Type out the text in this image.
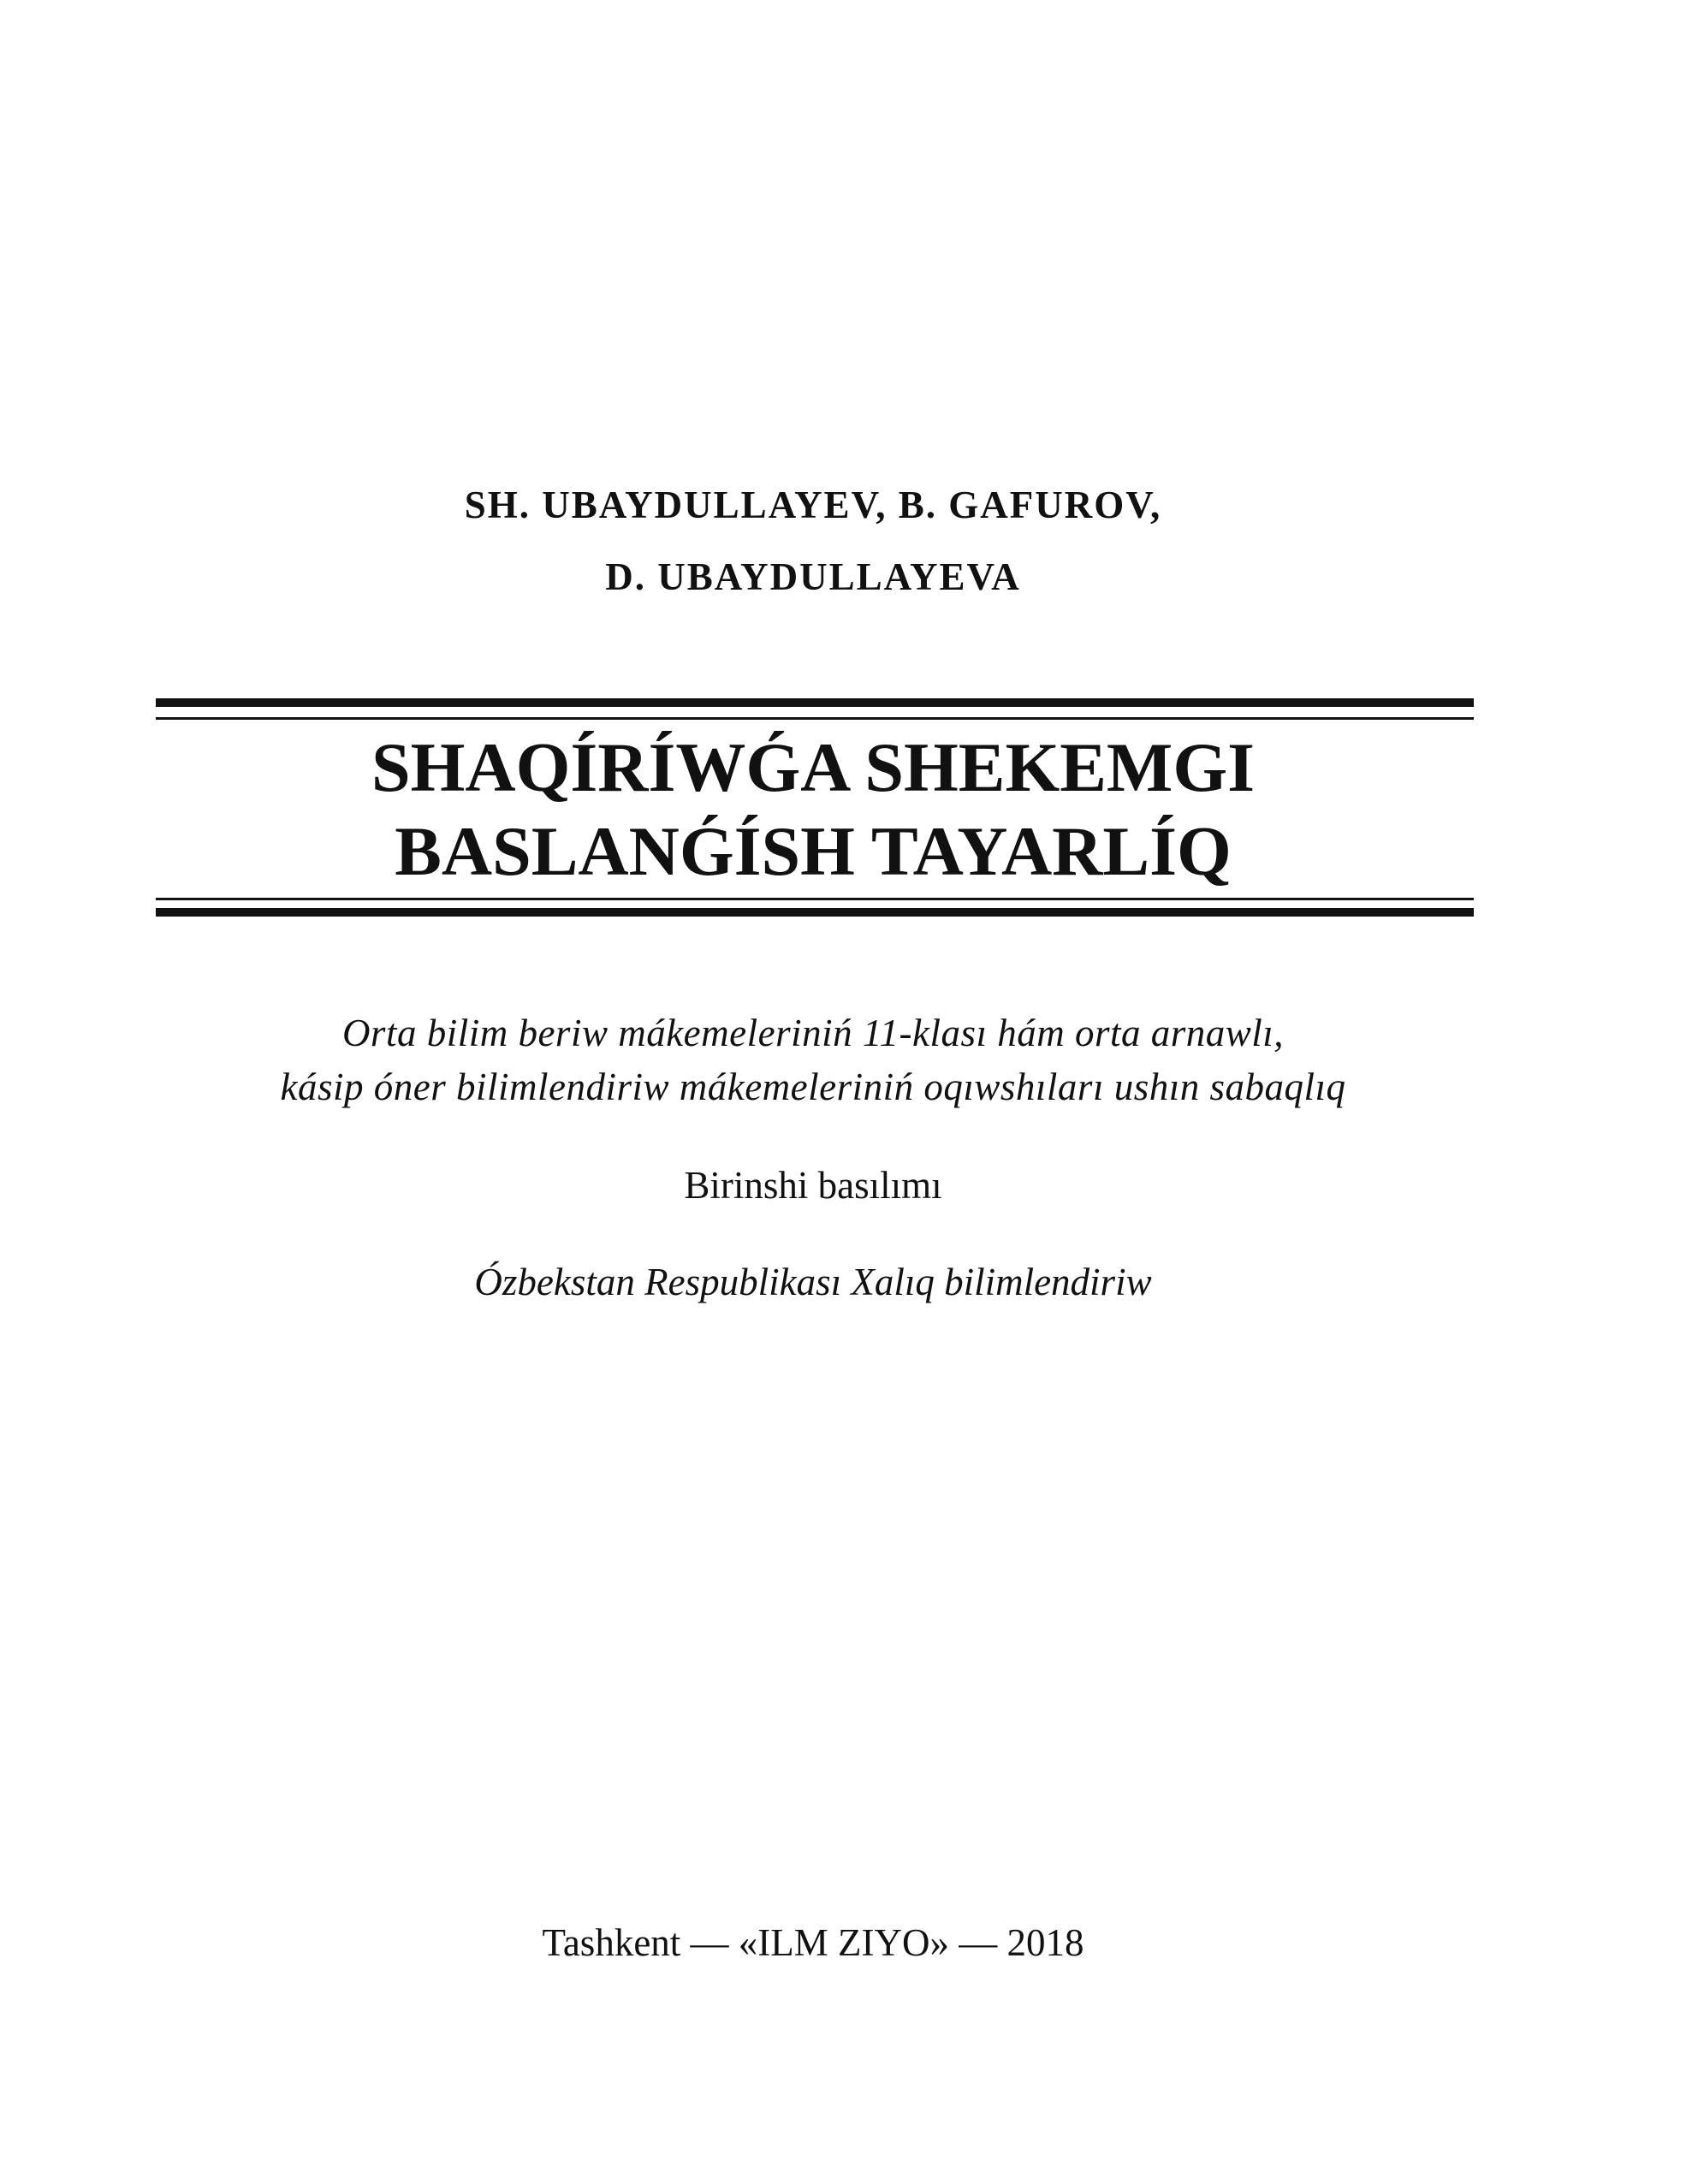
SH. UBAYDULLAYEV, B. GAFUROV,
D. UBAYDULLAYEVA
SHAQÍRÍWǴA SHEKEMGI
BASLANǴÍSH TAYARLÍQ
Orta bilim beriw mákemeleriniń 11-klası hám orta arnawlı,
kásip óner bilimlendiriw mákemeleriniń oqıwshıları ushın sabaqlıq
Birinshi basılımı
Ózbekstan Respublikası Xalıq bilimlendiriw
Tashkent — «ILM ZIYO» — 2018
